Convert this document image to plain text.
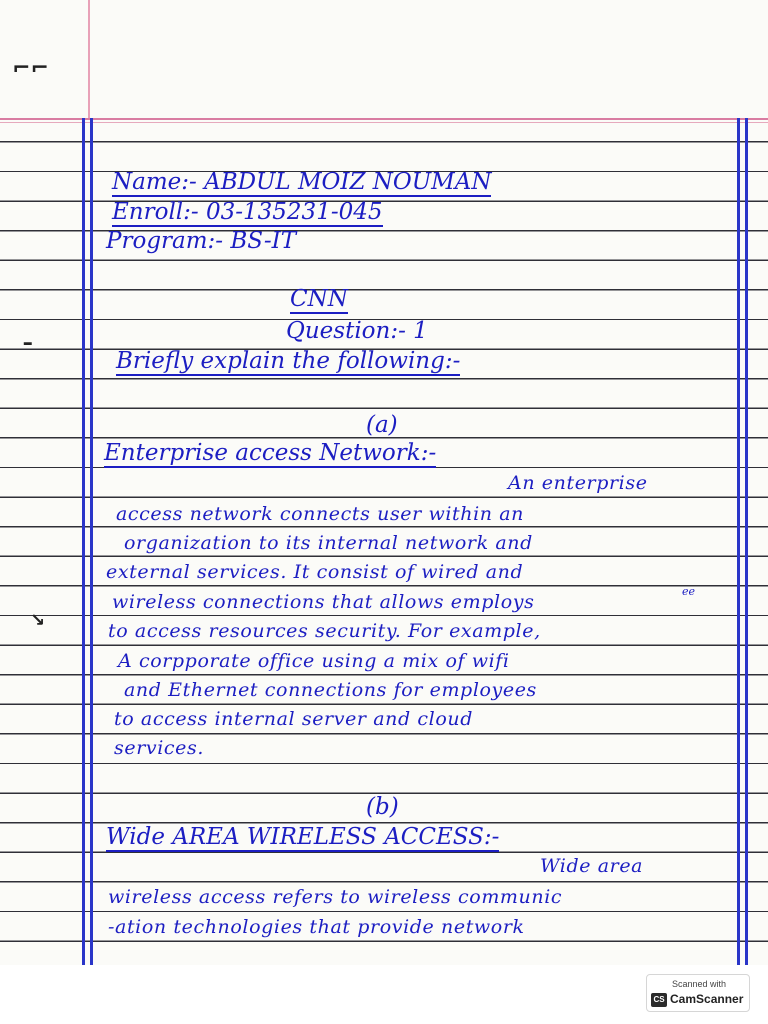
⌐⌐
ـ
↘
Name:- ABDUL MOIZ NOUMAN
Enroll:- 03-135231-045
Program:- BS-IT
CNN
Question:- 1
Briefly explain the following:-
(a)
Enterprise access Network:-
An enterprise
access network connects user within an
organization to its internal network and
external services. It consist of wired and
wireless connections that allows employs	ee
to access resources security. For example,
A corpporate office using a mix of wifi
and Ethernet connections for employees
to access internal server and cloud
services.
(b)
Wide AREA WIRELESS ACCESS:-
Wide area
wireless access refers to wireless communic
-ation technologies that provide network
Scanned with
CS CamScanner
